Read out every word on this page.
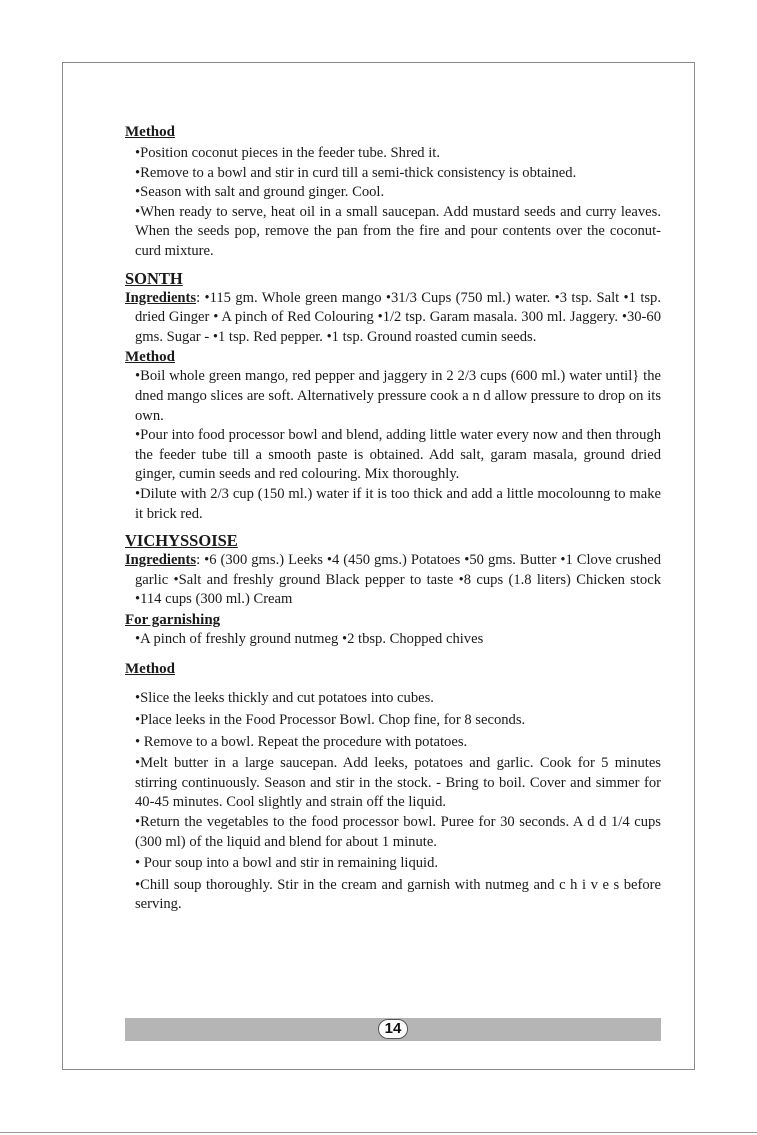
Method
•Position coconut pieces in the feeder tube. Shred it.
•Remove to a bowl and stir in curd till a semi-thick consistency is obtained.
•Season with salt and ground ginger. Cool.
•When ready to serve, heat oil in a small saucepan. Add mustard seeds and curry leaves. When the seeds pop, remove the pan from the fire and pour contents over the coconut-curd mixture.
SONTH
Ingredients: •115 gm. Whole green mango •31/3 Cups (750 ml.) water. •3 tsp. Salt •1 tsp. dried Ginger • A pinch of Red Colouring •1/2 tsp. Garam masala. 300 ml. Jaggery. •30-60 gms. Sugar - •1 tsp. Red pepper. •1 tsp. Ground roasted cumin seeds.
Method
•Boil whole green mango, red pepper and jaggery in 2 2/3 cups (600 ml.) water until} the dned mango slices are soft. Alternatively pressure cook a n d allow pressure to drop on its own.
•Pour into food processor bowl and blend, adding little water every now and then through the feeder tube till a smooth paste is obtained. Add salt, garam masala, ground dried ginger, cumin seeds and red colouring. Mix thoroughly.
•Dilute with 2/3 cup (150 ml.) water if it is too thick and add a little mocolounng to make it brick red.
VICHYSSOISE
Ingredients: •6 (300 gms.) Leeks •4 (450 gms.) Potatoes •50 gms. Butter •1 Clove crushed garlic •Salt and freshly ground Black pepper to taste •8 cups (1.8 liters) Chicken stock •114 cups (300 ml.) Cream
For garnishing
•A pinch of freshly ground nutmeg •2 tbsp. Chopped chives
Method
•Slice the leeks thickly and cut potatoes into cubes.
•Place leeks in the Food Processor Bowl. Chop fine, for 8 seconds.
• Remove to a bowl. Repeat the procedure with potatoes.
•Melt butter in a large saucepan. Add leeks, potatoes and garlic. Cook for 5 minutes stirring continuously. Season and stir in the stock. - Bring to boil. Cover and simmer for 40-45 minutes. Cool slightly and strain off the liquid.
•Return the vegetables to the food processor bowl. Puree for 30 seconds. A d d 1/4 cups (300 ml) of the liquid and blend for about 1 minute.
• Pour soup into a bowl and stir in remaining liquid.
•Chill soup thoroughly. Stir in the cream and garnish with nutmeg and c h i v e s before serving.
14
